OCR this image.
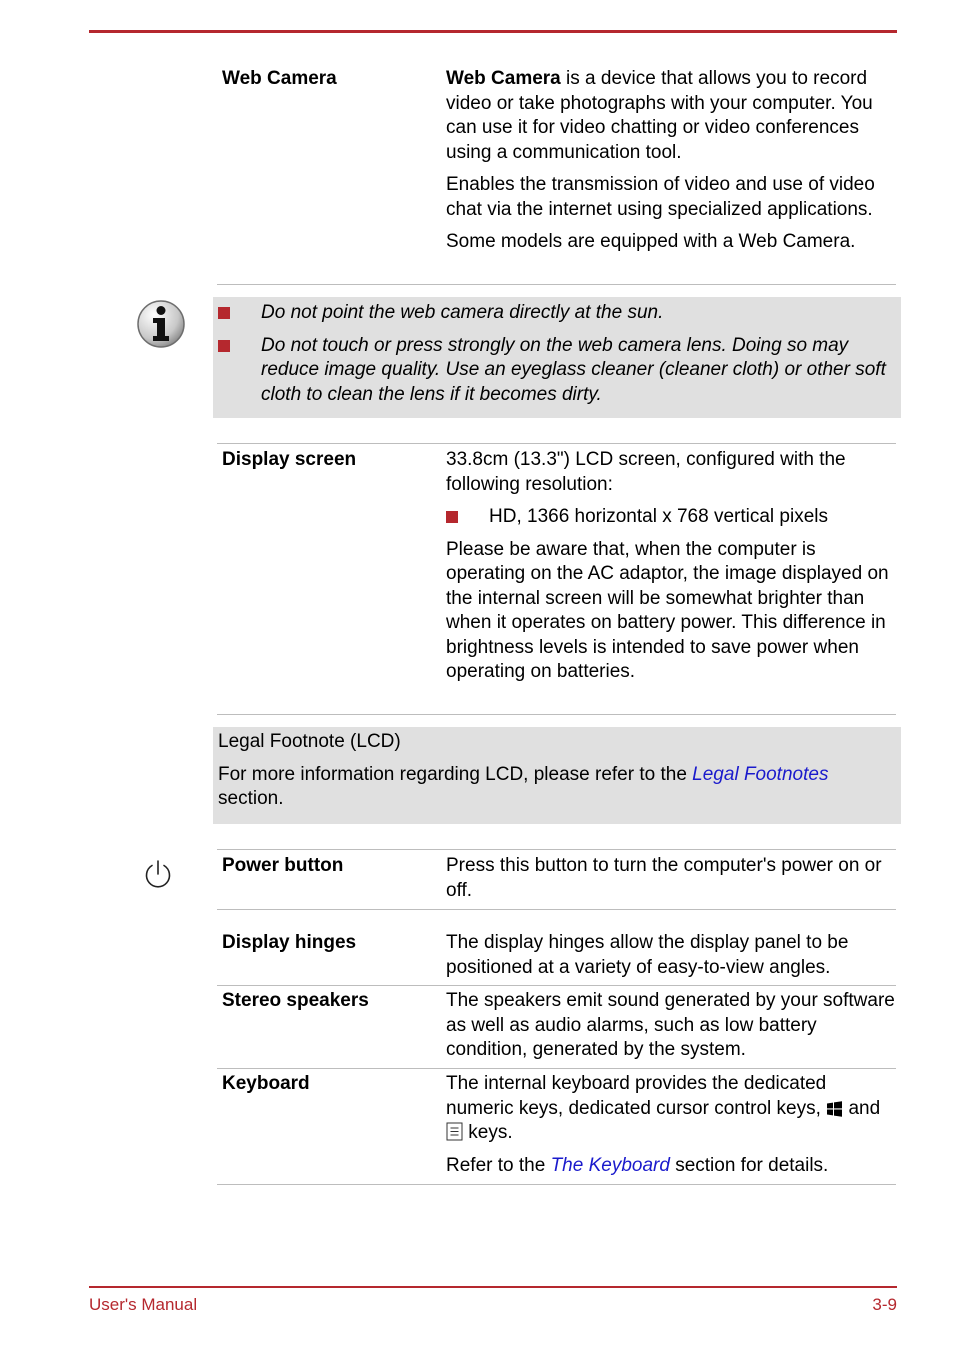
Web Camera	Web Camera is a device that allows you to record video or take photographs with your computer. You can use it for video chatting or video conferences using a communication tool.

Enables the transmission of video and use of video chat via the internet using specialized applications.

Some models are equipped with a Web Camera.

Do not point the web camera directly at the sun.
Do not touch or press strongly on the web camera lens. Doing so may reduce image quality. Use an eyeglass cleaner (cleaner cloth) or other soft cloth to clean the lens if it becomes dirty.
Display screen	33.8cm (13.3") LCD screen, configured with the following resolution:

HD, 1366 horizontal x 768 vertical pixels

Please be aware that, when the computer is operating on the AC adaptor, the image displayed on the internal screen will be somewhat brighter than when it operates on battery power. This difference in brightness levels is intended to save power when operating on batteries.

Legal Footnote (LCD)
For more information regarding LCD, please refer to the Legal Footnotes section.
Power button	Press this button to turn the computer's power on or off.
Display hinges	The display hinges allow the display panel to be positioned at a variety of easy-to-view angles.
Stereo speakers	The speakers emit sound generated by your software as well as audio alarms, such as low battery condition, generated by the system.
Keyboard	The internal keyboard provides the dedicated numeric keys, dedicated cursor control keys,  and  keys.

Refer to the The Keyboard section for details.

User's Manual	3-9
